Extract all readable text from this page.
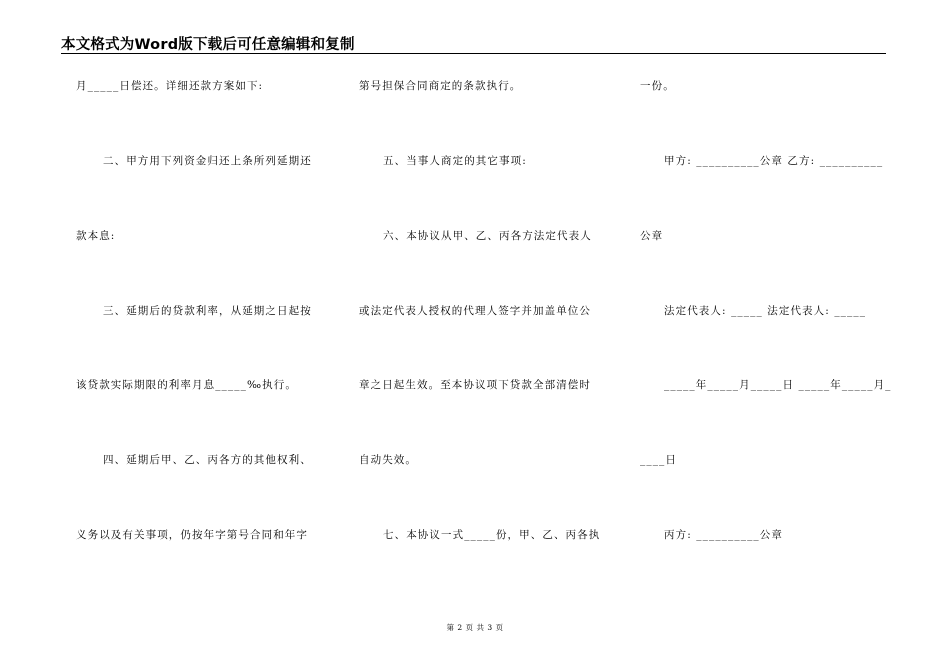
本文格式为Word版下载后可任意编辑和复制
月_____日偿还。详细还款方案如下:
二、甲方用下列资金归还上条所列延期还
款本息:
三、延期后的贷款利率，从延期之日起按
该贷款实际期限的利率月息_____‰执行。
四、延期后甲、乙、丙各方的其他权利、
义务以及有关事项，仍按年字第号合同和年字
第号担保合同商定的条款执行。
五、当事人商定的其它事项:
六、本协议从甲、乙、丙各方法定代表人
或法定代表人授权的代理人签字并加盖单位公
章之日起生效。至本协议项下贷款全部清偿时
自动失效。
七、本协议一式_____份，甲、乙、丙各执
一份。
甲方: __________公章 乙方: __________
公章
法定代表人: _____ 法定代表人: _____
_____年_____月_____日 _____年_____月_
____日
丙方: __________公章
第 2 页 共 3 页
